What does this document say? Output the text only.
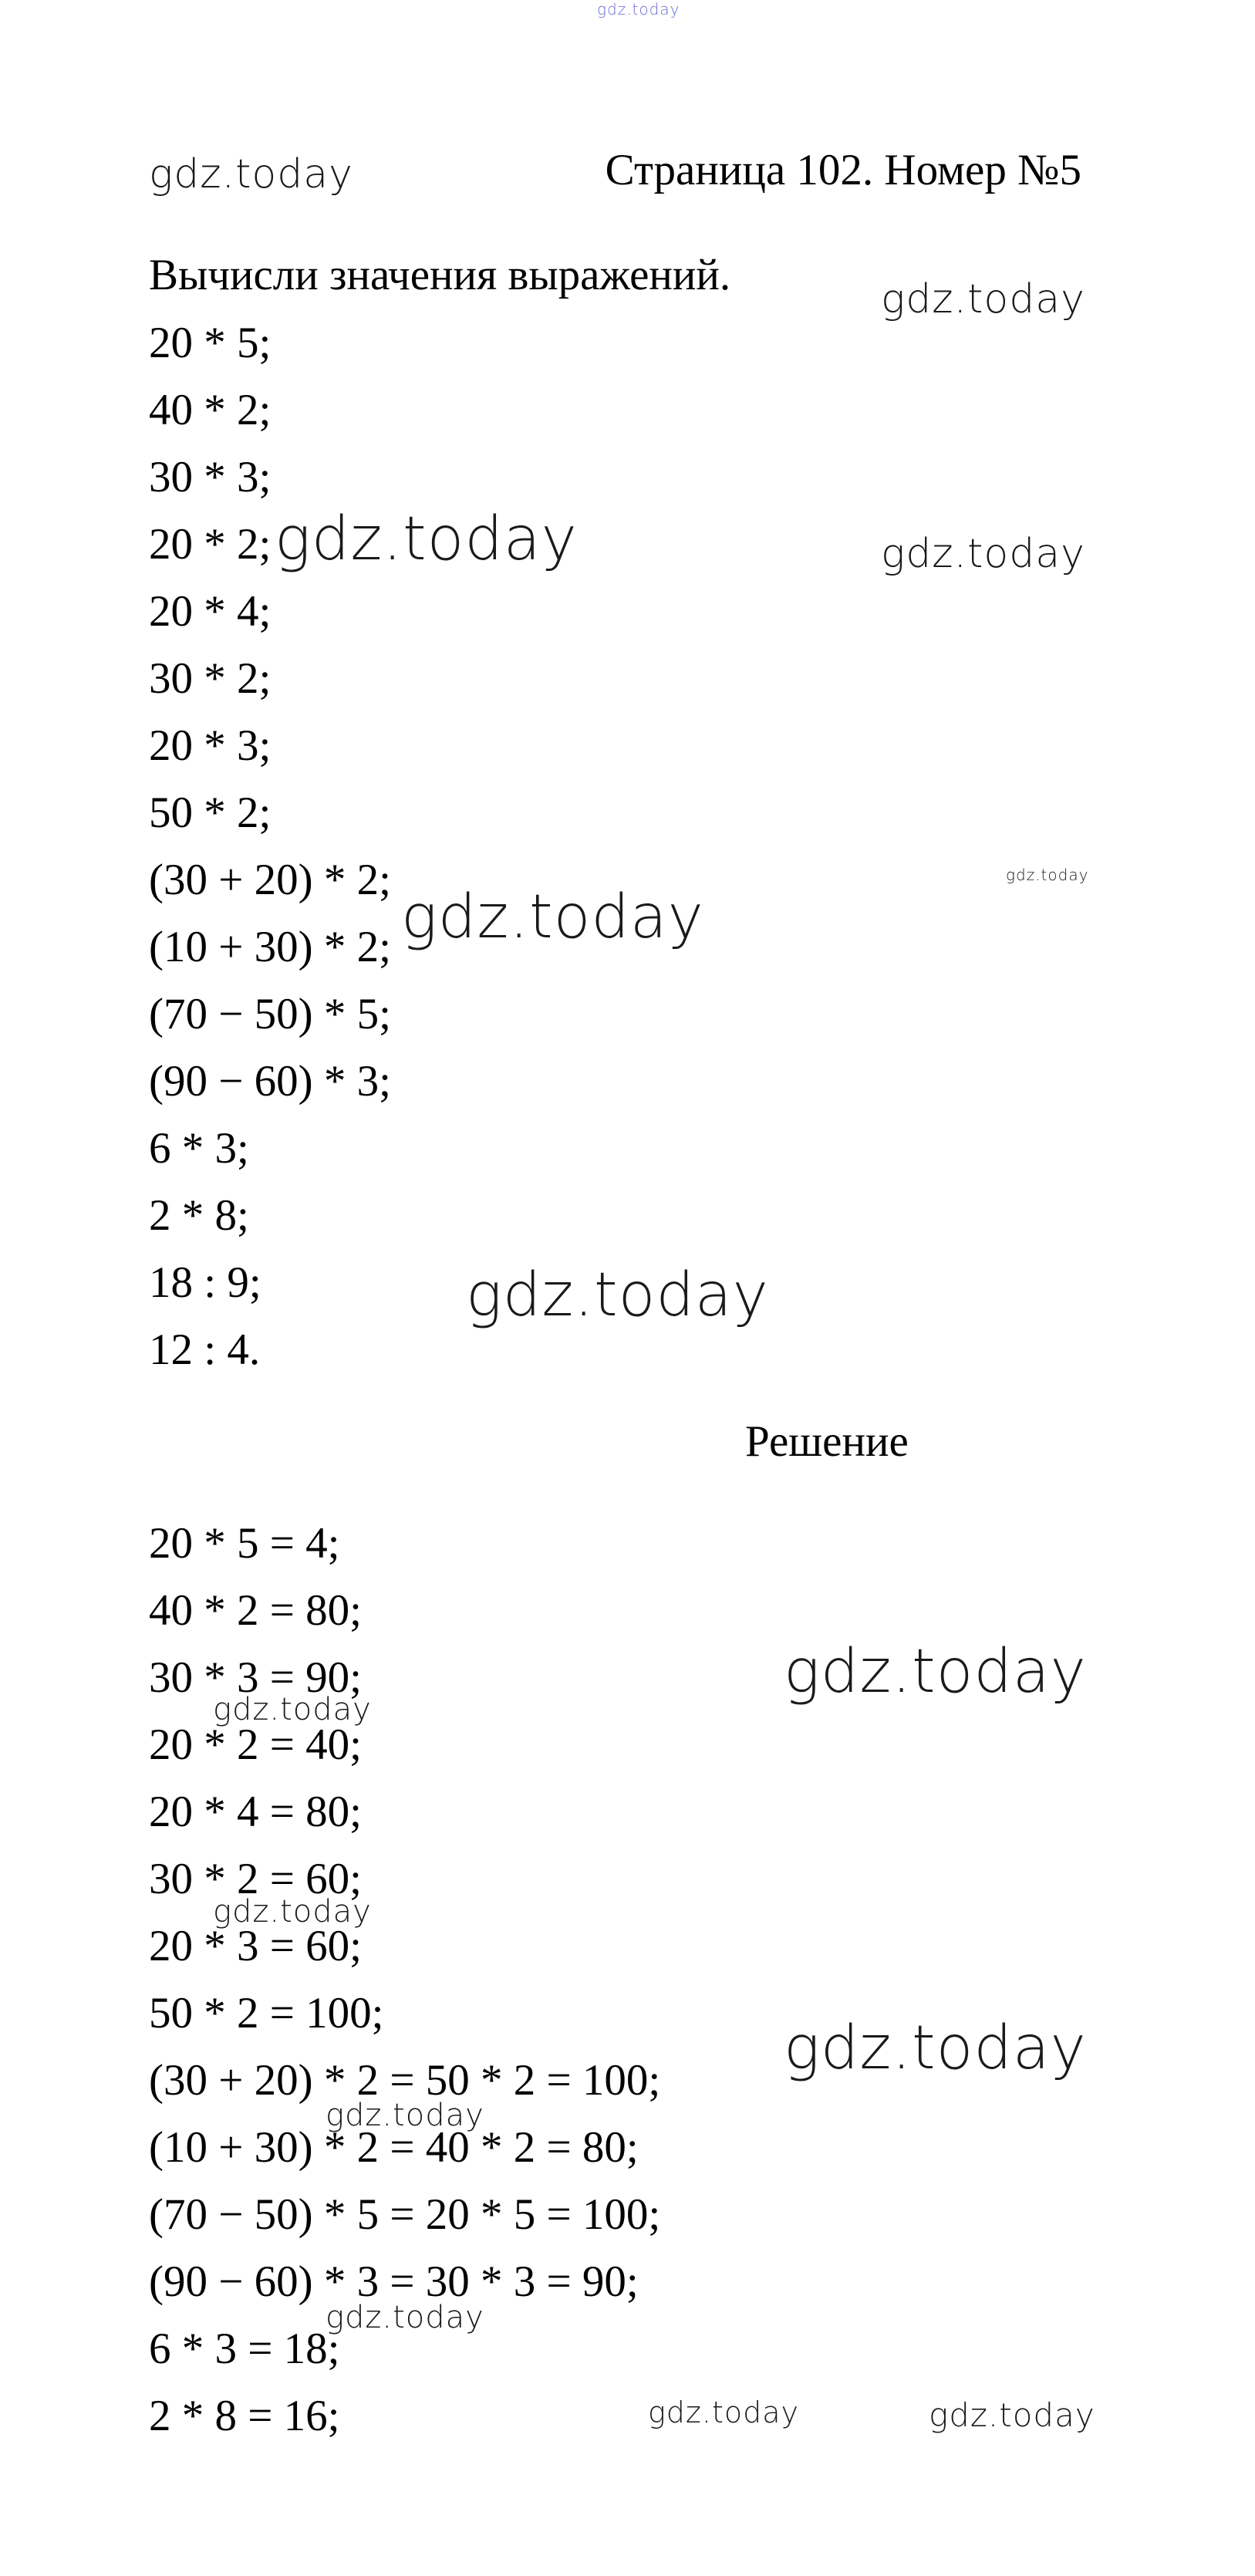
gdz.today
gdz.today
gdz.today
gdz.today	gdz.today
gdz.today
gdz.today
gdz.today
gdz.today
gdz.today
gdz.today
gdz.today
gdz.today
gdz.today
gdz.today	gdz.today
Страница 102. Номер №5
Вычисли значения выражений.
20 * 5;
40 * 2;
30 * 3;
20 * 2;
20 * 4;
30 * 2;
20 * 3;
50 * 2;
(30 + 20) * 2;
(10 + 30) * 2;
(70 − 50) * 5;
(90 − 60) * 3;
6 * 3;
2 * 8;
18 : 9;
12 : 4.
Решение
20 * 5 = 4;
40 * 2 = 80;
30 * 3 = 90;
20 * 2 = 40;
20 * 4 = 80;
30 * 2 = 60;
20 * 3 = 60;
50 * 2 = 100;
(30 + 20) * 2 = 50 * 2 = 100;
(10 + 30) * 2 = 40 * 2 = 80;
(70 − 50) * 5 = 20 * 5 = 100;
(90 − 60) * 3 = 30 * 3 = 90;
6 * 3 = 18;
2 * 8 = 16;
